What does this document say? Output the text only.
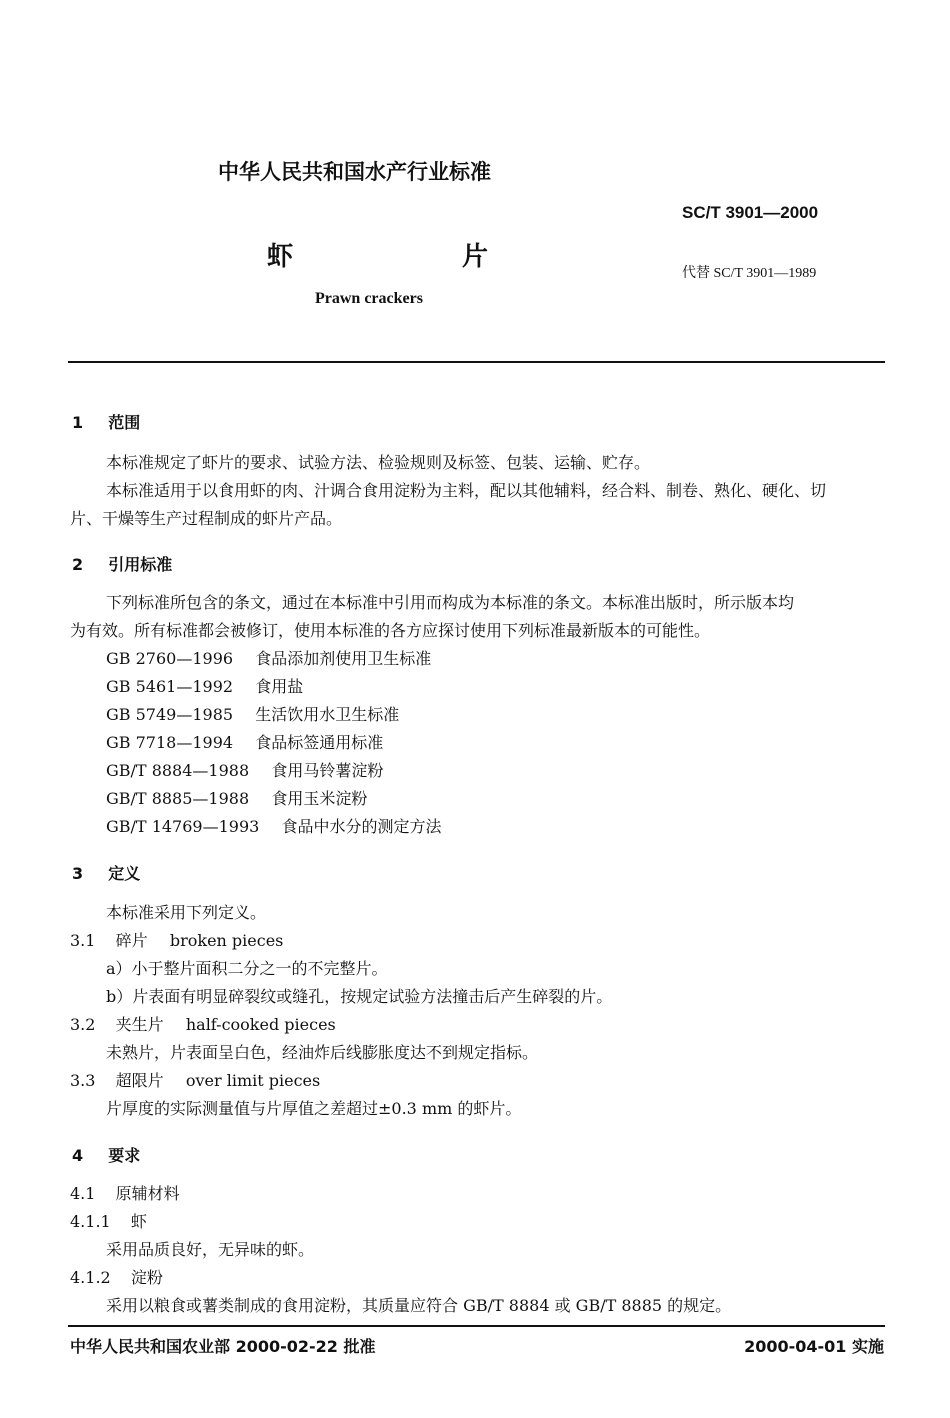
中华人民共和国水产行业标准
SC/T 3901—2000
虾	片
代替 SC/T 3901—1989
Prawn crackers
1 范围
本标准规定了虾片的要求、试验方法、检验规则及标签、包装、运输、贮存。
本标准适用于以食用虾的肉、汁调合食用淀粉为主料，配以其他辅料，经合料、制卷、熟化、硬化、切
片、干燥等生产过程制成的虾片产品。
2 引用标准
下列标准所包含的条文，通过在本标准中引用而构成为本标准的条文。本标准出版时，所示版本均
为有效。所有标准都会被修订，使用本标准的各方应探讨使用下列标准最新版本的可能性。
GB 2760—1996 食品添加剂使用卫生标准
GB 5461—1992 食用盐
GB 5749—1985 生活饮用水卫生标准
GB 7718—1994 食品标签通用标准
GB/T 8884—1988 食用马铃薯淀粉
GB/T 8885—1988 食用玉米淀粉
GB/T 14769—1993 食品中水分的测定方法
3 定义
本标准采用下列定义。
3.1 碎片 broken pieces
a）小于整片面积二分之一的不完整片。
b）片表面有明显碎裂纹或缝孔，按规定试验方法撞击后产生碎裂的片。
3.2 夹生片 half-cooked pieces
未熟片，片表面呈白色，经油炸后线膨胀度达不到规定指标。
3.3 超限片 over limit pieces
片厚度的实际测量值与片厚值之差超过±0.3 mm 的虾片。
4 要求
4.1 原辅材料
4.1.1 虾
采用品质良好，无异味的虾。
4.1.2 淀粉
采用以粮食或薯类制成的食用淀粉，其质量应符合 GB/T 8884 或 GB/T 8885 的规定。
中华人民共和国农业部 2000-02-22 批准	2000-04-01 实施
